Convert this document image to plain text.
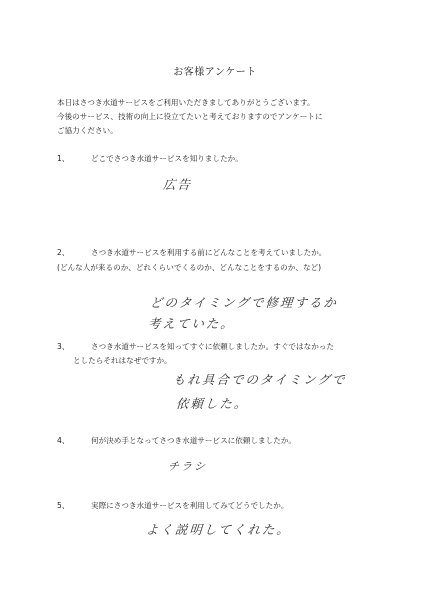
お客様アンケート
本日はさつき水道サービスをご利用いただきましてありがとうございます。
今後のサービス、技術の向上に役立てたいと考えておりますのでアンケートに
ご協力ください。
1、	どこでさつき水道サービスを知りましたか。
広告
2、	さつき水道サービスを利用する前にどんなことを考えていましたか。
(どんな人が来るのか、どれくらいでくるのか、どんなことをするのか、など)
どのタイミングで修理するか
考えていた。
3、	さつき水道サービスを知ってすぐに依頼しましたか。すぐではなかった
としたらそれはなぜですか。
もれ具合でのタイミングで
依頼した。
4、	何が決め手となってさつき水道サービスに依頼しましたか。
チラシ
5、	実際にさつき水道サービスを利用してみてどうでしたか。
よく説明してくれた。
